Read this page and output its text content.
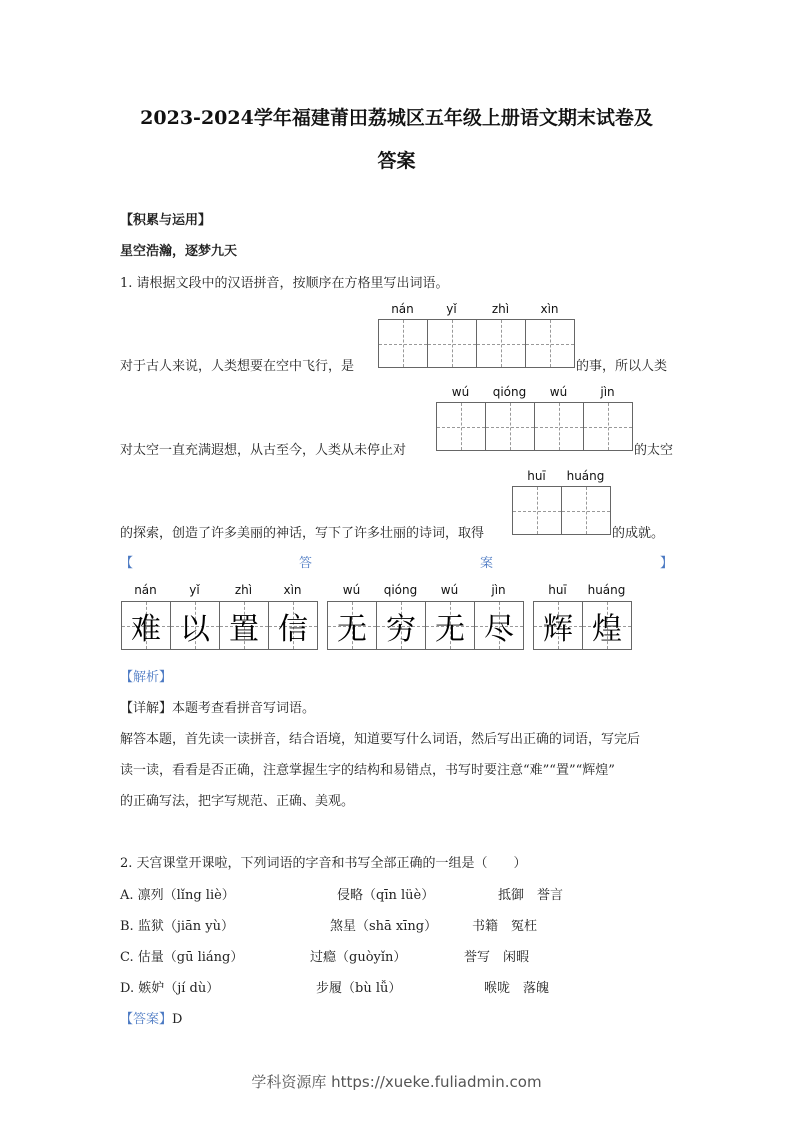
2023-2024学年福建莆田荔城区五年级上册语文期末试卷及
答案
【积累与运用】
星空浩瀚，逐梦九天
1. 请根据文段中的汉语拼音，按顺序在方格里写出词语。
nán	yǐ	zhì	xìn
对于古人来说，人类想要在空中飞行，是	的事，所以人类
wú	qióng	wú	jìn
对太空一直充满遐想，从古至今，人类从未停止对	的太空
huī	huáng
的探索，创造了许多美丽的神话，写下了许多壮丽的诗词，取得	的成就。
【	答	案	】
nán	yǐ	zhì	xìn
难 以 置 信
wú	qióng	wú	jìn
无 穷 无 尽
huī	huáng
辉 煌
【解析】
【详解】本题考查看拼音写词语。
解答本题，首先读一读拼音，结合语境，知道要写什么词语，然后写出正确的词语，写完后
读一读，看看是否正确，注意掌握生字的结构和易错点，书写时要注意“难”“置”“辉煌”
的正确写法，把字写规范、正确、美观。
2. 天宫课堂开课啦，下列词语的字音和书写全部正确的一组是（　　）
A. 凛列（lǐng liè）	侵略（qīn lüè）	抵御　誉言
B. 监狱（jiān yù）	煞星（shā xīng）	书籍　冤枉
C. 估量（gū liáng）	过瘾（guòyǐn）	誉写　闲暇
D. 嫉妒（jí dù）	步履（bù lǚ）	喉咙　落魄
【答案】D
学科资源库 https://xueke.fuliadmin.com
